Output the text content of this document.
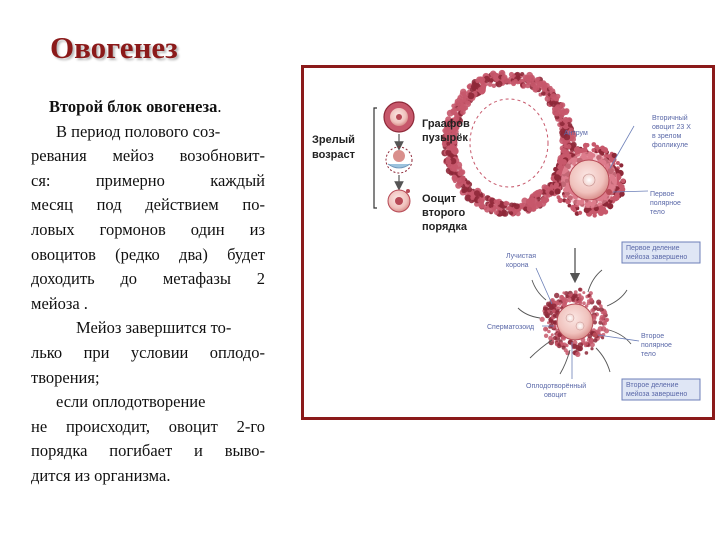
Овогенез
Второй блок овогенеза.
В период полового соз-
ревания мейоз возобновит-
ся: примерно каждый
месяц под действием по-
ловых гормонов один из
овоцитов (редко два) будет
доходить до метафазы 2
мейоза .
Мейоз завершится то-
лько при условии оплодо-
творения;
если оплодотворение
не происходит, овоцит 2-го
порядка погибает и выво-
дится из организма.
Зрелый
возраст
Граафов
пузырёк
Ооцит
второго
порядка
Антрум
Вторичный
овоцит 23 X
в зрелом
фолликуле
Первое
полярное
тело
Первое деление
мейоза завершено
Лучистая
корона
Сперматозоид
Второе
полярное
тело
Оплодотворённый
овоцит
Второе деление
мейоза завершено
